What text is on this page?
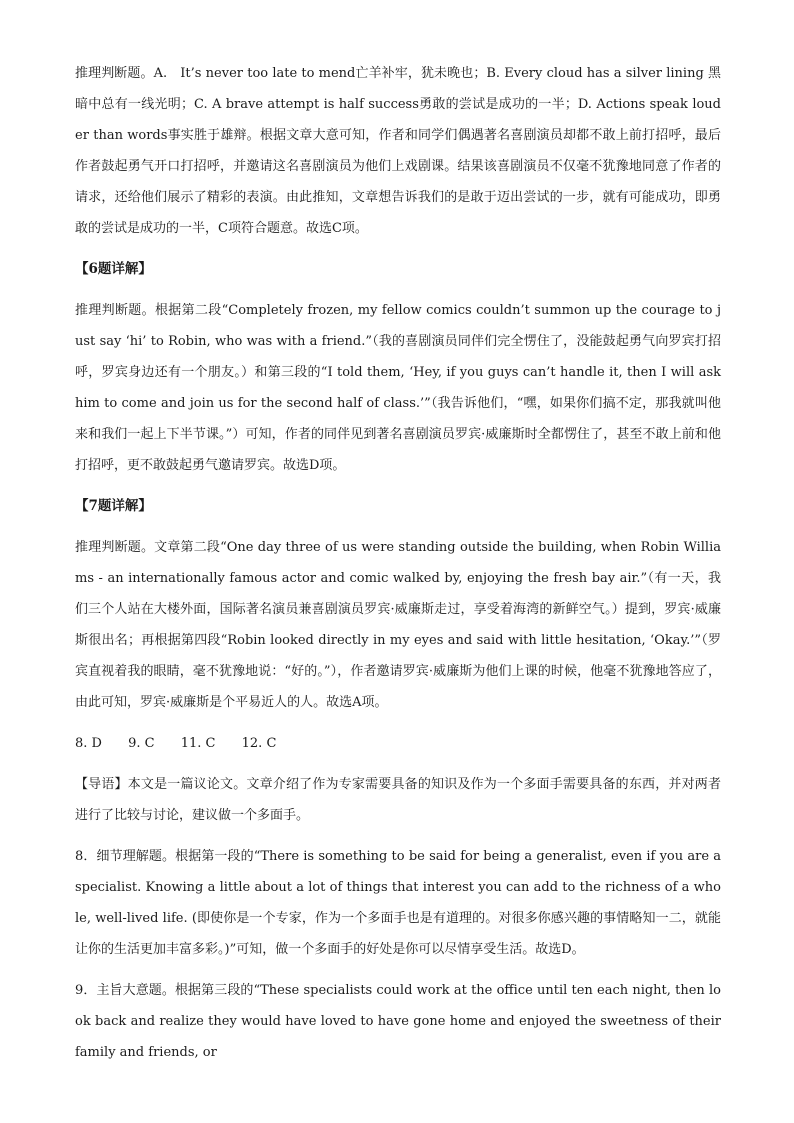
推理判断题。A.　It’s never too late to mend亡羊补牢，犹未晚也；B. Every cloud has a silver lining 黑暗中总有一线光明；C. A brave attempt is half success勇敢的尝试是成功的一半；D. Actions speak louder than words事实胜于雄辩。根据文章大意可知，作者和同学们偶遇著名喜剧演员却都不敢上前打招呼，最后作者鼓起勇气开口打招呼，并邀请这名喜剧演员为他们上戏剧课。结果该喜剧演员不仅毫不犹豫地同意了作者的请求，还给他们展示了精彩的表演。由此推知，文章想告诉我们的是敢于迈出尝试的一步，就有可能成功，即勇敢的尝试是成功的一半，C项符合题意。故选C项。

【6题详解】

推理判断题。根据第二段“Completely frozen, my fellow comics couldn’t summon up the courage to just say ‘hi’ to Robin, who was with a friend.”（我的喜剧演员同伴们完全愣住了，没能鼓起勇气向罗宾打招呼，罗宾身边还有一个朋友。）和第三段的“I told them, ‘Hey, if you guys can’t handle it, then I will ask him to come and join us for the second half of class.’”（我告诉他们，“嘿，如果你们搞不定，那我就叫他来和我们一起上下半节课。”）可知，作者的同伴见到著名喜剧演员罗宾·威廉斯时全都愣住了，甚至不敢上前和他打招呼，更不敢鼓起勇气邀请罗宾。故选D项。

【7题详解】

推理判断题。文章第二段“One day three of us were standing outside the building, when Robin Williams - an internationally famous actor and comic walked by, enjoying the fresh bay air.”（有一天，我们三个人站在大楼外面，国际著名演员兼喜剧演员罗宾·威廉斯走过，享受着海湾的新鲜空气。）提到，罗宾·威廉斯很出名；再根据第四段“Robin looked directly in my eyes and said with little hesitation, ‘Okay.’”（罗宾直视着我的眼睛，毫不犹豫地说：“好的。”），作者邀请罗宾·威廉斯为他们上课的时候，他毫不犹豫地答应了，由此可知，罗宾·威廉斯是个平易近人的人。故选A项。

8. D 9. C 11. C 12. C

【导语】本文是一篇议论文。文章介绍了作为专家需要具备的知识及作为一个多面手需要具备的东西，并对两者进行了比较与讨论，建议做一个多面手。

8．细节理解题。根据第一段的“There is something to be said for being a generalist, even if you are a specialist. Knowing a little about a lot of things that interest you can add to the richness of a whole, well-lived life. (即使你是一个专家，作为一个多面手也是有道理的。对很多你感兴趣的事情略知一二，就能让你的生活更加丰富多彩。)”可知，做一个多面手的好处是你可以尽情享受生活。故选D。

9．主旨大意题。根据第三段的“These specialists could work at the office until ten each night, then look back and realize they would have loved to have gone home and enjoyed the sweetness of their family and friends, or
